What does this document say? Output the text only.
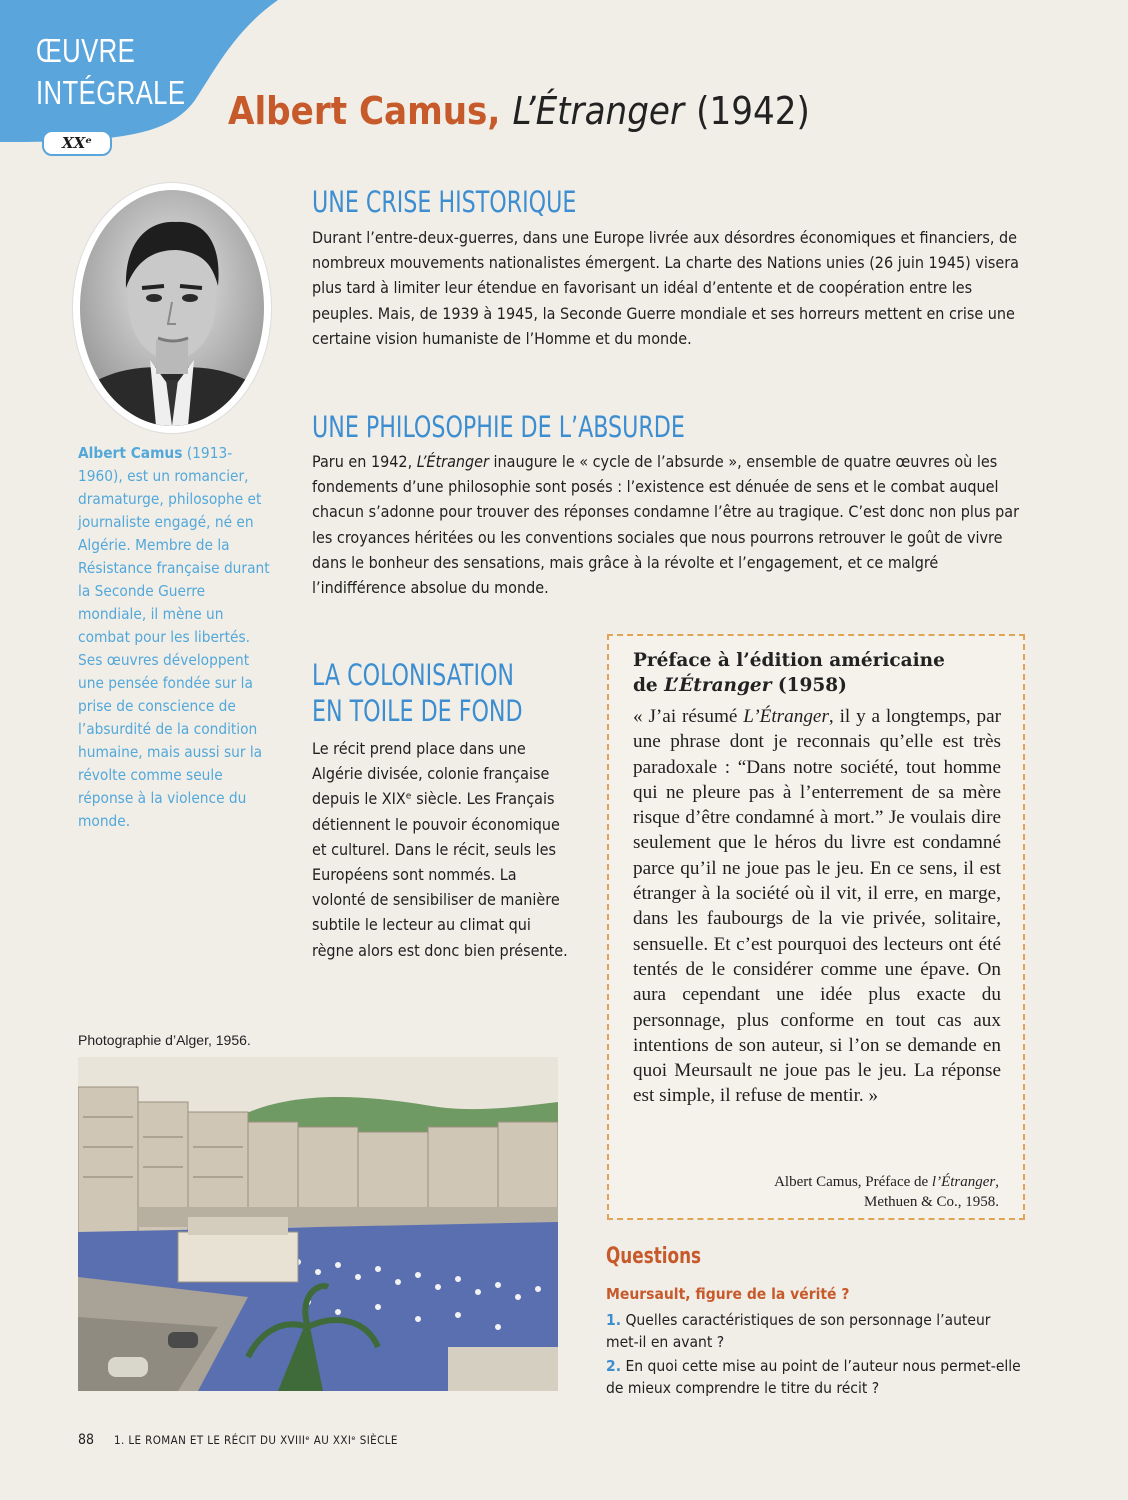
ŒUVRE
INTÉGRALE
XXᵉ
Albert Camus, L’Étranger (1942)
Albert Camus (1913-1960), est un romancier, dramaturge, philosophe et journaliste engagé, né en Algérie. Membre de la Résistance française durant la Seconde Guerre mondiale, il mène un combat pour les libertés. Ses œuvres développent une pensée fondée sur la prise de conscience de l’absurdité de la condition humaine, mais aussi sur la révolte comme seule réponse à la violence du monde.
UNE CRISE HISTORIQUE

Durant l’entre-deux-guerres, dans une Europe livrée aux désordres économiques et financiers, de nombreux mouvements nationalistes émergent. La charte des Nations unies (26 juin 1945) visera plus tard à limiter leur étendue en favorisant un idéal d’entente et de coopération entre les peuples. Mais, de 1939 à 1945, la Seconde Guerre mondiale et ses horreurs mettent en crise une certaine vision humaniste de l’Homme et du monde.

UNE PHILOSOPHIE DE L’ABSURDE

Paru en 1942, L’Étranger inaugure le « cycle de l’absurde », ensemble de quatre œuvres où les fondements d’une philosophie sont posés : l’existence est dénuée de sens et le combat auquel chacun s’adonne pour trouver des réponses condamne l’être au tragique. C’est donc non plus par les croyances héritées ou les conventions sociales que nous pourrons retrouver le goût de vivre dans le bonheur des sensations, mais grâce à la révolte et l’engagement, et ce malgré l’indifférence absolue du monde.

LA COLONISATION
EN TOILE DE FOND

Le récit prend place dans une Algérie divisée, colonie française depuis le XIXᵉ siècle. Les Français détiennent le pouvoir économique et culturel. Dans le récit, seuls les Européens sont nommés. La volonté de sensibiliser de manière subtile le lecteur au climat qui règne alors est donc bien présente.

Photographie d’Alger, 1956.
Préface à l’édition américaine
de L’Étranger (1958)
« J’ai résumé L’Étranger, il y a longtemps, par une phrase dont je reconnais qu’elle est très paradoxale : “Dans notre société, tout homme qui ne pleure pas à l’enterrement de sa mère risque d’être condamné à mort.” Je voulais dire seulement que le héros du livre est condamné parce qu’il ne joue pas le jeu. En ce sens, il est étranger à la société où il vit, il erre, en marge, dans les faubourgs de la vie privée, solitaire, sensuelle. Et c’est pourquoi des lecteurs ont été tentés de le considérer comme une épave. On aura cependant une idée plus exacte du personnage, plus conforme en tout cas aux intentions de son auteur, si l’on se demande en quoi Meursault ne joue pas le jeu. La réponse est simple, il refuse de mentir. »
Albert Camus, Préface de l’Étranger,
Methuen & Co., 1958.
Questions
Meursault, figure de la vérité ?
1. Quelles caractéristiques de son personnage l’auteur met-il en avant ?
2. En quoi cette mise au point de l’auteur nous permet-elle de mieux comprendre le titre du récit ?
88 1. LE ROMAN ET LE RÉCIT DU XVIIIᵉ AU XXIᵉ SIÈCLE
